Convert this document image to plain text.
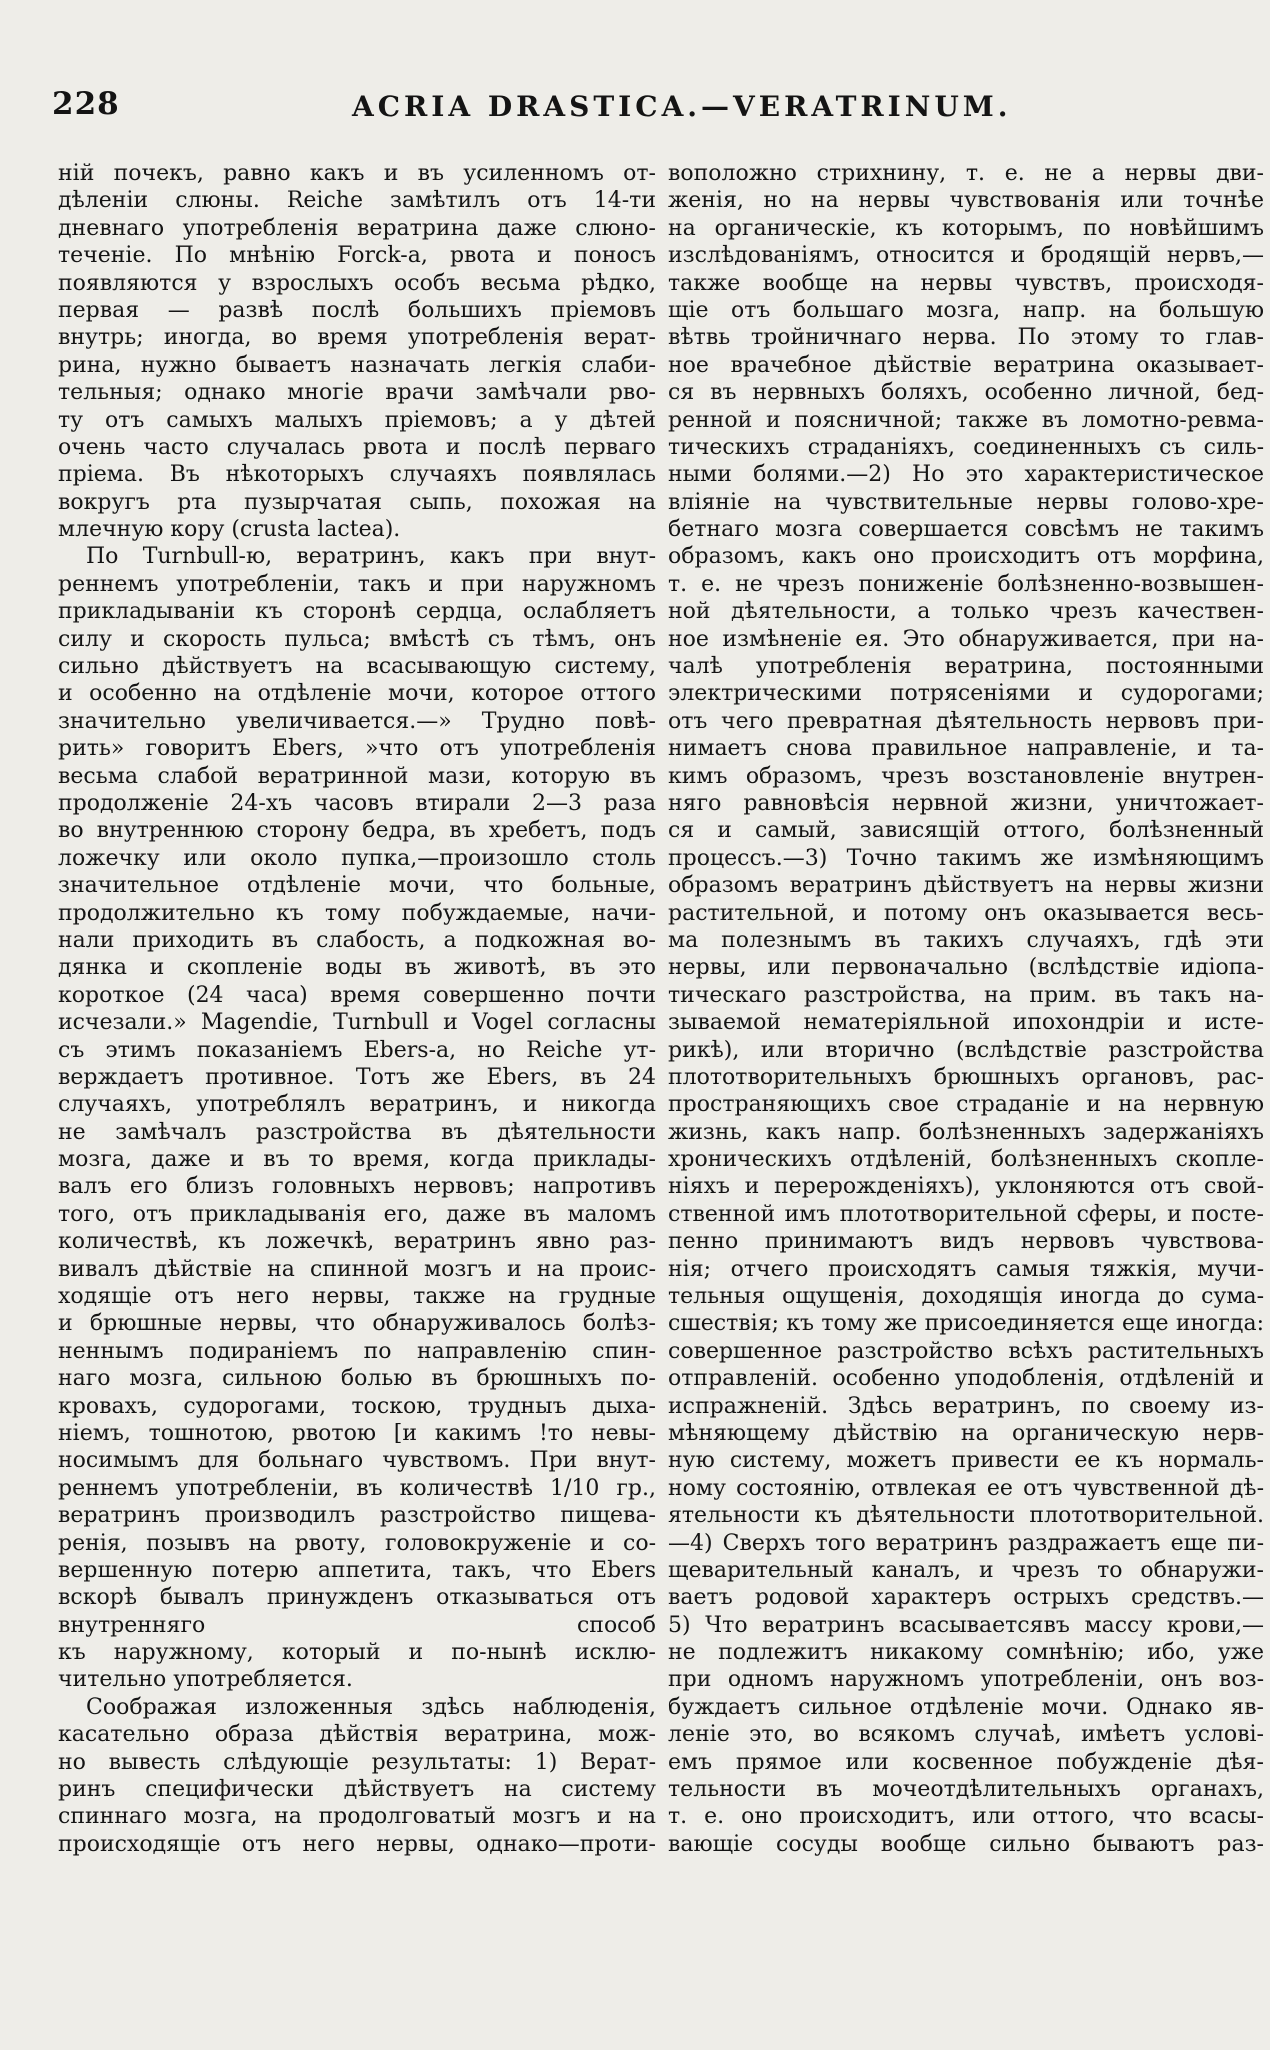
228	ACRIA DRASTICA.—VERATRINUM.
ній почекъ, равно какъ и въ усиленномъ от-
дѣленіи слюны. Reiche замѣтилъ отъ 14-ти
дневнаго употребленія вератрина даже слюно-
теченіе. По мнѣнію Forck-а, рвота и поносъ
появляются у взрослыхъ особъ весьма рѣдко,
первая — развѣ послѣ большихъ пріемовъ
внутрь; иногда, во время употребленія верат-
рина, нужно бываетъ назначать легкія слаби-
тельныя; однако многіе врачи замѣчали рво-
ту отъ самыхъ малыхъ пріемовъ; а у дѣтей
очень часто случалась рвота и послѣ перваго
пріема. Въ нѣкоторыхъ случаяхъ появлялась
вокругъ рта пузырчатая сыпь, похожая на
млечную кору (crusta lactea).
По Turnbull-ю, вератринъ, какъ при внут-
реннемъ употребленіи, такъ и при наружномъ
прикладываніи къ сторонѣ сердца, ослабляетъ
силу и скорость пульса; вмѣстѣ съ тѣмъ, онъ
сильно дѣйствуетъ на всасывающую систему,
и особенно на отдѣленіе мочи, которое оттого
значительно увеличивается.—» Трудно повѣ-
рить» говоритъ Ebers, »что отъ употребленія
весьма слабой вератринной мази, которую въ
продолженіе 24-хъ часовъ втирали 2—3 раза
во внутреннюю сторону бедра, въ хребетъ, подъ
ложечку или около пупка,—произошло столь
значительное отдѣленіе мочи, что больные,
продолжительно къ тому побуждаемые, начи-
нали приходить въ слабость, а подкожная во-
дянка и скопленіе воды въ животѣ, въ это
короткое (24 часа) время совершенно почти
исчезали.» Magendie, Turnbull и Vogel согласны
съ этимъ показаніемъ Ebers-а, но Reiche ут-
верждаетъ противное. Тотъ же Ebers, въ 24
случаяхъ, употреблялъ вератринъ, и никогда
не замѣчалъ разстройства въ дѣятельности
мозга, даже и въ то время, когда приклады-
валъ его близъ головныхъ нервовъ; напротивъ
того, отъ прикладыванія его, даже въ маломъ
количествѣ, къ ложечкѣ, вератринъ явно раз-
вивалъ дѣйствіе на спинной мозгъ и на проис-
ходящіе отъ него нервы, также на грудные
и брюшные нервы, что обнаруживалось болѣз-
неннымъ подираніемъ по направленію спин-
наго мозга, сильною болью въ брюшныхъ по-
кровахъ, судорогами, тоскою, трудныъ дыха-
ніемъ, тошнотою, рвотою [и какимъ !то невы-
носимымъ для больнаго чувствомъ. При внут-
реннемъ употребленіи, въ количествѣ 1/10 гр.,
вератринъ производилъ разстройство пищева-
ренія, позывъ на рвоту, головокруженіе и со-
вершенную потерю аппетита, такъ, что Ebers
вскорѣ бывалъ принужденъ отказываться отъ
внутренняго способ
къ наружному, который и по-нынѣ исклю-
чительно употребляется.
Соображая изложенныя здѣсь наблюденія,
касательно образа дѣйствія вератрина, мож-
но вывесть слѣдующіе результаты: 1) Верат-
ринъ специфически дѣйствуетъ на систему
спиннаго мозга, на продолговатый мозгъ и на
происходящіе отъ него нервы, однако—проти-
воположно стрихнину, т. е. не а нервы дви-
женія, но на нервы чувствованія или точнѣе
на органическіе, къ которымъ, по новѣйшимъ
изслѣдованіямъ, относится и бродящій нервъ,—
также вообще на нервы чувствъ, происходя-
щіе отъ большаго мозга, напр. на большую
вѣтвь тройничнаго нерва. По этому то глав-
ное врачебное дѣйствіе вератрина оказывает-
ся въ нервныхъ боляхъ, особенно личной, бед-
ренной и поясничной; также въ ломотно-ревма-
тическихъ страданіяхъ, соединенныхъ съ силь-
ными болями.—2) Но это характеристическое
вліяніе на чувствительные нервы голово-хре-
бетнаго мозга совершается совсѣмъ не такимъ
образомъ, какъ оно происходитъ отъ морфина,
т. е. не чрезъ пониженіе болѣзненно-возвышен-
ной дѣятельности, а только чрезъ качествен-
ное измѣненіе ея. Это обнаруживается, при на-
чалѣ употребленія вератрина, постоянными
электрическими потрясеніями и судорогами;
отъ чего превратная дѣятельность нервовъ при-
нимаетъ снова правильное направленіе, и та-
кимъ образомъ, чрезъ возстановленіе внутрен-
няго равновѣсія нервной жизни, уничтожает-
ся и самый, зависящій оттого, болѣзненный
процессъ.—3) Точно такимъ же измѣняющимъ
образомъ вератринъ дѣйствуетъ на нервы жизни
растительной, и потому онъ оказывается весь-
ма полезнымъ въ такихъ случаяхъ, гдѣ эти
нервы, или первоначально (вслѣдствіе идіопа-
тическаго разстройства, на прим. въ такъ на-
зываемой нематеріяльной ипохондріи и исте-
рикѣ), или вторично (вслѣдствіе разстройства
плототворительныхъ брюшныхъ органовъ, рас-
пространяющихъ свое страданіе и на нервную
жизнь, какъ напр. болѣзненныхъ задержаніяхъ
хроническихъ отдѣленій, болѣзненныхъ скопле-
ніяхъ и перерожденіяхъ), уклоняются отъ свой-
ственной имъ плототворительной сферы, и посте-
пенно принимаютъ видъ нервовъ чувствова-
нія; отчего происходятъ самыя тяжкія, мучи-
тельныя ощущенія, доходящія иногда до сума-
сшествія; къ тому же присоединяется еще иногда:
совершенное разстройство всѣхъ растительныхъ
отправленій. особенно уподобленія, отдѣленій и
испражненій. Здѣсь вератринъ, по своему из-
мѣняющему дѣйствію на органическую нерв-
ную систему, можетъ привести ее къ нормаль-
ному состоянію, отвлекая ее отъ чувственной дѣ-
ятельности къ дѣятельности плототворительной.
—4) Сверхъ того вератринъ раздражаетъ еще пи-
щеварительный каналъ, и чрезъ то обнаружи-
ваетъ родовой характеръ острыхъ средствъ.—
5) Что вератринъ всасываетсявъ массу крови,—
не подлежитъ никакому сомнѣнію; ибо, уже
при одномъ наружномъ употребленіи, онъ воз-
буждаетъ сильное отдѣленіе мочи. Однако яв-
леніе это, во всякомъ случаѣ, имѣетъ услові-
емъ прямое или косвенное побужденіе дѣя-
тельности въ мочеотдѣлительныхъ органахъ,
т. е. оно происходитъ, или оттого, что всасы-
вающіе сосуды вообще сильно бываютъ раз-
